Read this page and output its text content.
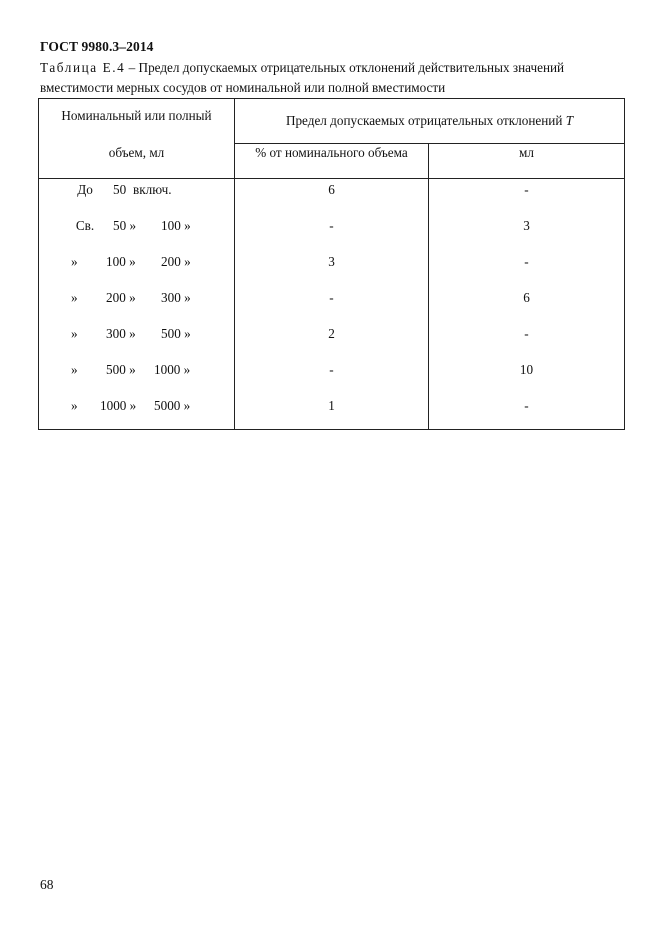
ГОСТ 9980.3–2014
Таблица Е.4 – Предел допускаемых отрицательных отклонений действительных значений вместимости мерных сосудов от номинальной или полной вместимости
Номинальный или полный
объем, мл	Предел допускаемых отрицательных отклонений T	
	% от номинального объема	мл

До 50 включ.	6	-

Св. 50 » 100 »	-	3

» 100 » 200 »	3	-

» 200 » 300 »	-	6

» 300 » 500 »	2	-

» 500 » 1000 »	-	10

» 1000 » 5000 »	1	-
68
